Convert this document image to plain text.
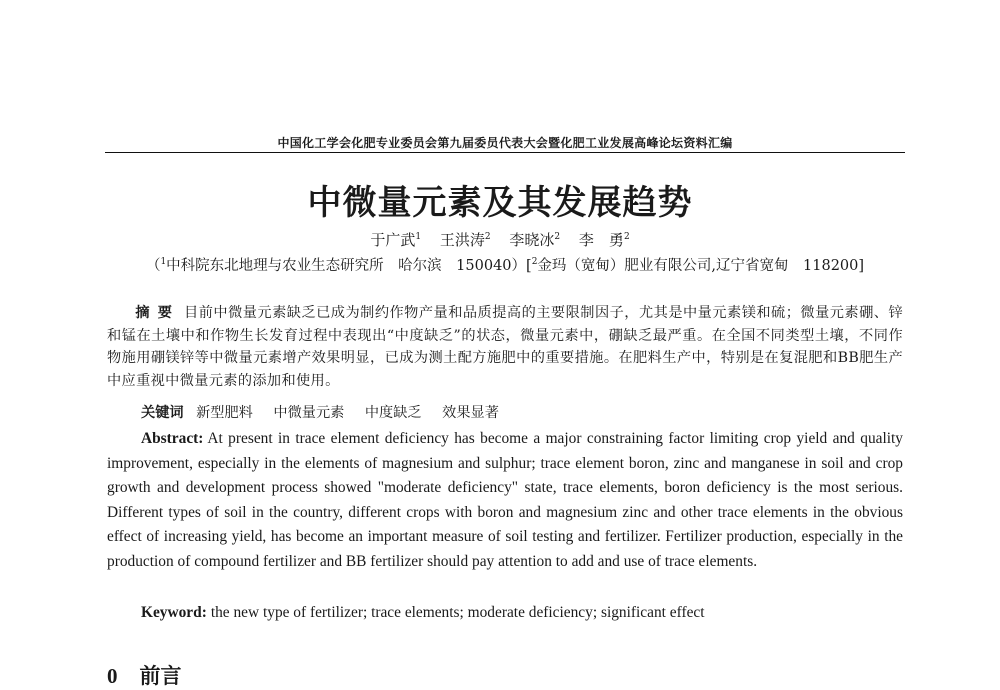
中国化工学会化肥专业委员会第九届委员代表大会暨化肥工业发展高峰论坛资料汇编
中微量元素及其发展趋势
于广武$^1$ 王洪涛$^2$ 李晓冰$^2$ 李　勇$^2$
（$^1$中科院东北地理与农业生态研究所　哈尔滨　150040）[$^2$金玛（宽甸）肥业有限公司,辽宁省宽甸　118200]
摘要 目前中微量元素缺乏已成为制约作物产量和品质提高的主要限制因子，尤其是中量元素镁和硫；微量元素硼、锌和锰在土壤中和作物生长发育过程中表现出“中度缺乏”的状态，微量元素中，硼缺乏最严重。在全国不同类型土壤，不同作物施用硼镁锌等中微量元素增产效果明显，已成为测土配方施肥中的重要措施。在肥料生产中，特别是在复混肥和BB肥生产中应重视中微量元素的添加和使用。
关键词 新型肥料 中微量元素 中度缺乏 效果显著
Abstract: At present in trace element deficiency has become a major constraining factor limiting crop yield and quality improvement, especially in the elements of magnesium and sulphur; trace element boron, zinc and manganese in soil and crop growth and development process showed "moderate deficiency" state, trace elements, boron deficiency is the most serious. Different types of soil in the country, different crops with boron and magnesium zinc and other trace elements in the obvious effect of increasing yield, has become an important measure of soil testing and fertilizer. Fertilizer production, especially in the production of compound fertilizer and BB fertilizer should pay attention to add and use of trace elements.
Keyword: the new type of fertilizer; trace elements; moderate deficiency; significant effect
0 前言
